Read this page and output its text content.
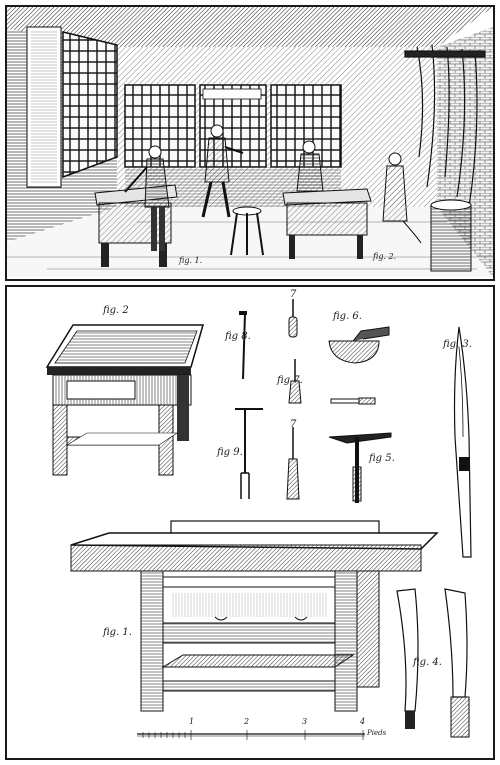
fig. 1.	fig. 2.
fig. 2
fig 8.
7
fig 7.
fig. 6.
fig. 3.
fig 9.
7
fig 5.
fig. 1.
fig. 4.
1	2	3	4
Pieds
